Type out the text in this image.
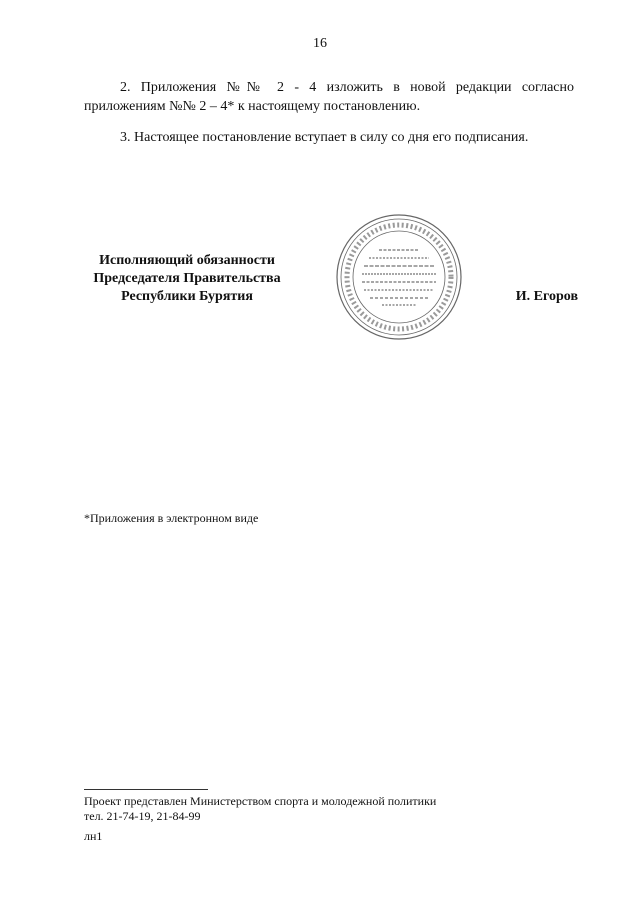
16

2. Приложения №№ 2 - 4 изложить в новой редакции согласно приложениям №№ 2 – 4* к настоящему постановлению.

3. Настоящее постановление вступает в силу со дня его подписания.

Исполняющий обязанности
Председателя Правительства
Республики Бурятия	И. Егоров
*Приложения в электронном виде
Проект представлен Министерством спорта и молодежной политики
тел. 21-74-19, 21-84-99
лн1
